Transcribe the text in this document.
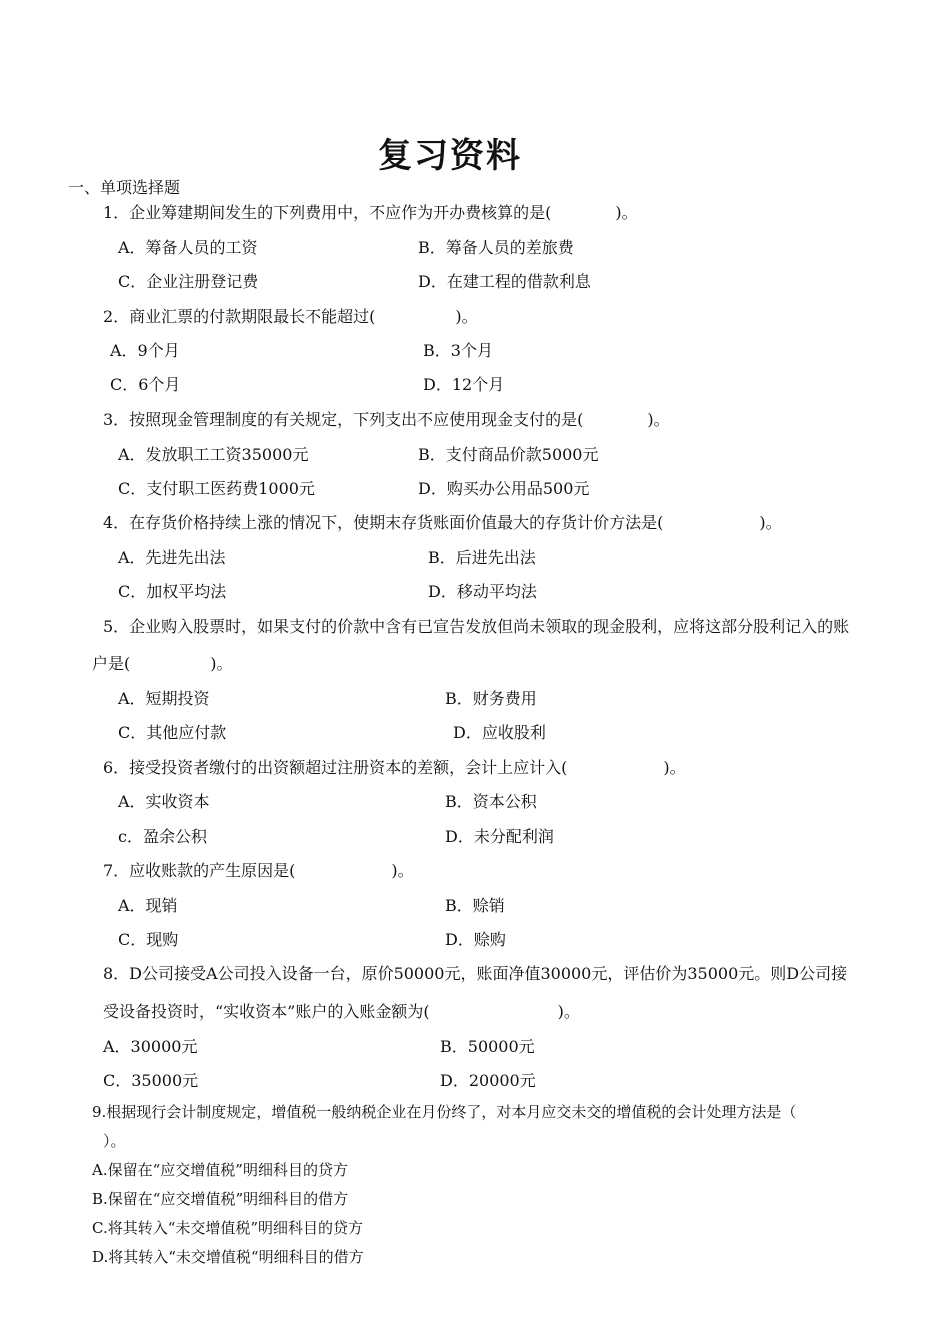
复习资料
一、单项选择题
1．企业筹建期间发生的下列费用中，不应作为开办费核算的是(　　　　)。
A．筹备人员的工资	B．筹备人员的差旅费
C．企业注册登记费	D．在建工程的借款利息
2．商业汇票的付款期限最长不能超过(　　　　　)。
A．9个月	B．3个月
C．6个月	D．12个月
3．按照现金管理制度的有关规定，下列支出不应使用现金支付的是(　　　　)。
A．发放职工工资35000元	B．支付商品价款5000元
C．支付职工医药费1000元	D．购买办公用品500元
4．在存货价格持续上涨的情况下，使期末存货账面价值最大的存货计价方法是(　　　　　　)。
A．先进先出法	B．后进先出法
C．加权平均法	D．移动平均法
5．企业购入股票时，如果支付的价款中含有已宣告发放但尚未领取的现金股利，应将这部分股利记入的账
户是(　　　　　)。
A．短期投资	B．财务费用
C．其他应付款	D．应收股利
6．接受投资者缴付的出资额超过注册资本的差额，会计上应计入(　　　　　　)。
A．实收资本	B．资本公积
c．盈余公积	D．未分配利润
7．应收账款的产生原因是(　　　　　　)。
A．现销	B．赊销
C．现购	D．赊购
8．D公司接受A公司投入设备一台，原价50000元，账面净值30000元，评估价为35000元。则D公司接
受设备投资时，“实收资本”账户的入账金额为(　　　　　　　　)。
A．30000元	B．50000元
C．35000元	D．20000元
9.根据现行会计制度规定，增值税一般纳税企业在月份终了，对本月应交未交的增值税的会计处理方法是（
）。
A.保留在“应交增值税”明细科目的贷方
B.保留在“应交增值税”明细科目的借方
C.将其转入“未交增值税”明细科目的贷方
D.将其转入“未交增值税“明细科目的借方
